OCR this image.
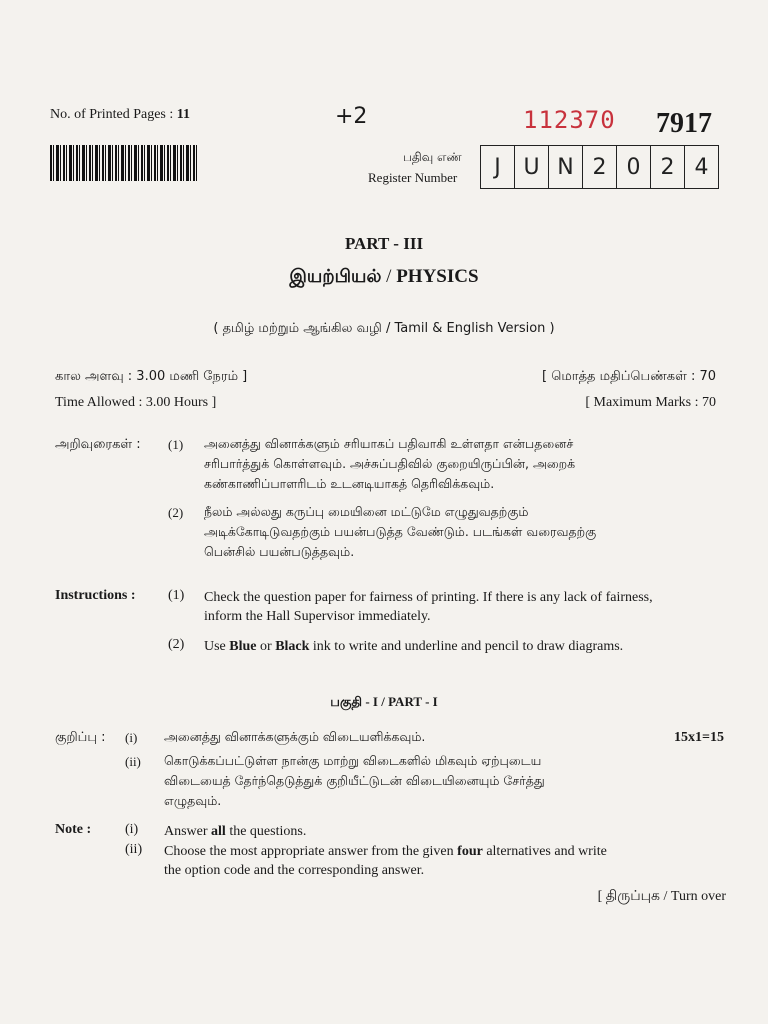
No. of Printed Pages : 11	+2	112370 7917
பதிவு எண்
Register Number	J	U N 2 0 2 4
PART - III
இயற்பியல் / PHYSICS
( தமிழ் மற்றும் ஆங்கில வழி / Tamil & English Version )
கால அளவு : 3.00 மணி நேரம் ]	[ மொத்த மதிப்பெண்கள் : 70
Time Allowed : 3.00 Hours ]	[ Maximum Marks : 70
அறிவுரைகள் : (1) அனைத்து வினாக்களும் சரியாகப் பதிவாகி உள்ளதா என்பதனைச்
சரிபார்த்துக் கொள்ளவும். அச்சுப்பதிவில் குறையிருப்பின், அறைக்
கண்காணிப்பாளரிடம் உடனடியாகத் தெரிவிக்கவும்.
(2) நீலம் அல்லது கருப்பு மையினை மட்டுமே எழுதுவதற்கும்
அடிக்கோடிடுவதற்கும் பயன்படுத்த வேண்டும். படங்கள் வரைவதற்கு
பென்சில் பயன்படுத்தவும்.
Instructions : (1) Check the question paper for fairness of printing. If there is any lack of fairness,
inform the Hall Supervisor immediately.
(2) Use Blue or Black ink to write and underline and pencil to draw diagrams.
பகுதி - I / PART - I
குறிப்பு : (i) அனைத்து வினாக்களுக்கும் விடையளிக்கவும்.	15x1=15
(ii) கொடுக்கப்பட்டுள்ள நான்கு மாற்று விடைகளில் மிகவும் ஏற்புடைய
விடையைத் தேர்ந்தெடுத்துக் குறியீட்டுடன் விடையினையும் சேர்த்து
எழுதவும்.
Note : (i) Answer all the questions.
(ii) Choose the most appropriate answer from the given four alternatives and write
the option code and the corresponding answer.
[ திருப்புக / Turn over
